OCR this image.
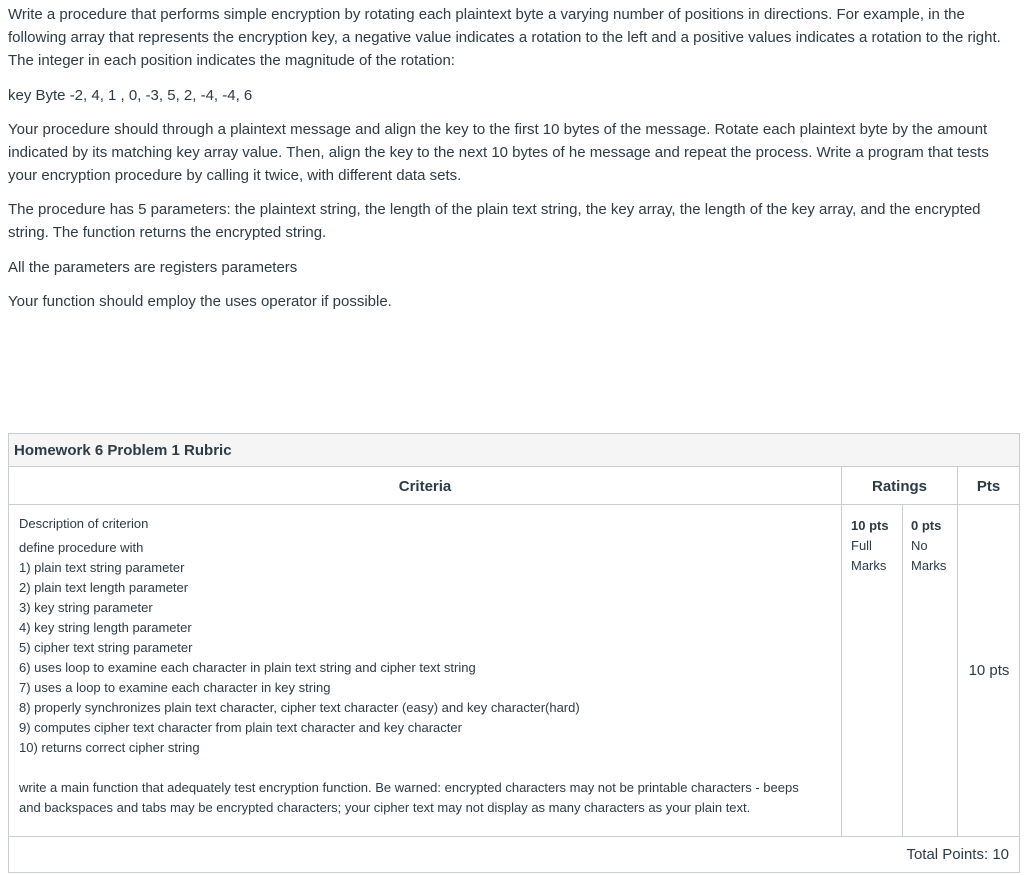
Write a procedure that performs simple encryption by rotating each plaintext byte a varying number of positions in directions. For example, in the following array that represents the encryption key, a negative value indicates a rotation to the left and a positive values indicates a rotation to the right. The integer in each position indicates the magnitude of the rotation:

key Byte -2, 4, 1 , 0, -3, 5, 2, -4, -4, 6

Your procedure should through a plaintext message and align the key to the first 10 bytes of the message. Rotate each plaintext byte by the amount indicated by its matching key array value. Then, align the key to the next 10 bytes of he message and repeat the process. Write a program that tests your encryption procedure by calling it twice, with different data sets.

The procedure has 5 parameters: the plaintext string, the length of the plain text string, the key array, the length of the key array, and the encrypted string. The function returns the encrypted string.

All the parameters are registers parameters

Your function should employ the uses operator if possible.

Homework 6 Problem 1 Rubric
Criteria	Ratings	Pts
Description of criterion
define procedure with
1) plain text string parameter
2) plain text length parameter
3) key string parameter
4) key string length parameter
5) cipher text string parameter
6) uses loop to examine each character in plain text string and cipher text string
7) uses a loop to examine each character in key string
8) properly synchronizes plain text character, cipher text character (easy) and key character(hard)
9) computes cipher text character from plain text character and key character
10) returns correct cipher string
write a main function that adequately test encryption function. Be warned: encrypted characters may not be printable characters - beeps
and backspaces and tabs may be encrypted characters; your cipher text may not display as many characters as your plain text.
10 pts
Full
Marks
0 pts
No
Marks
10 pts
Total Points: 10
